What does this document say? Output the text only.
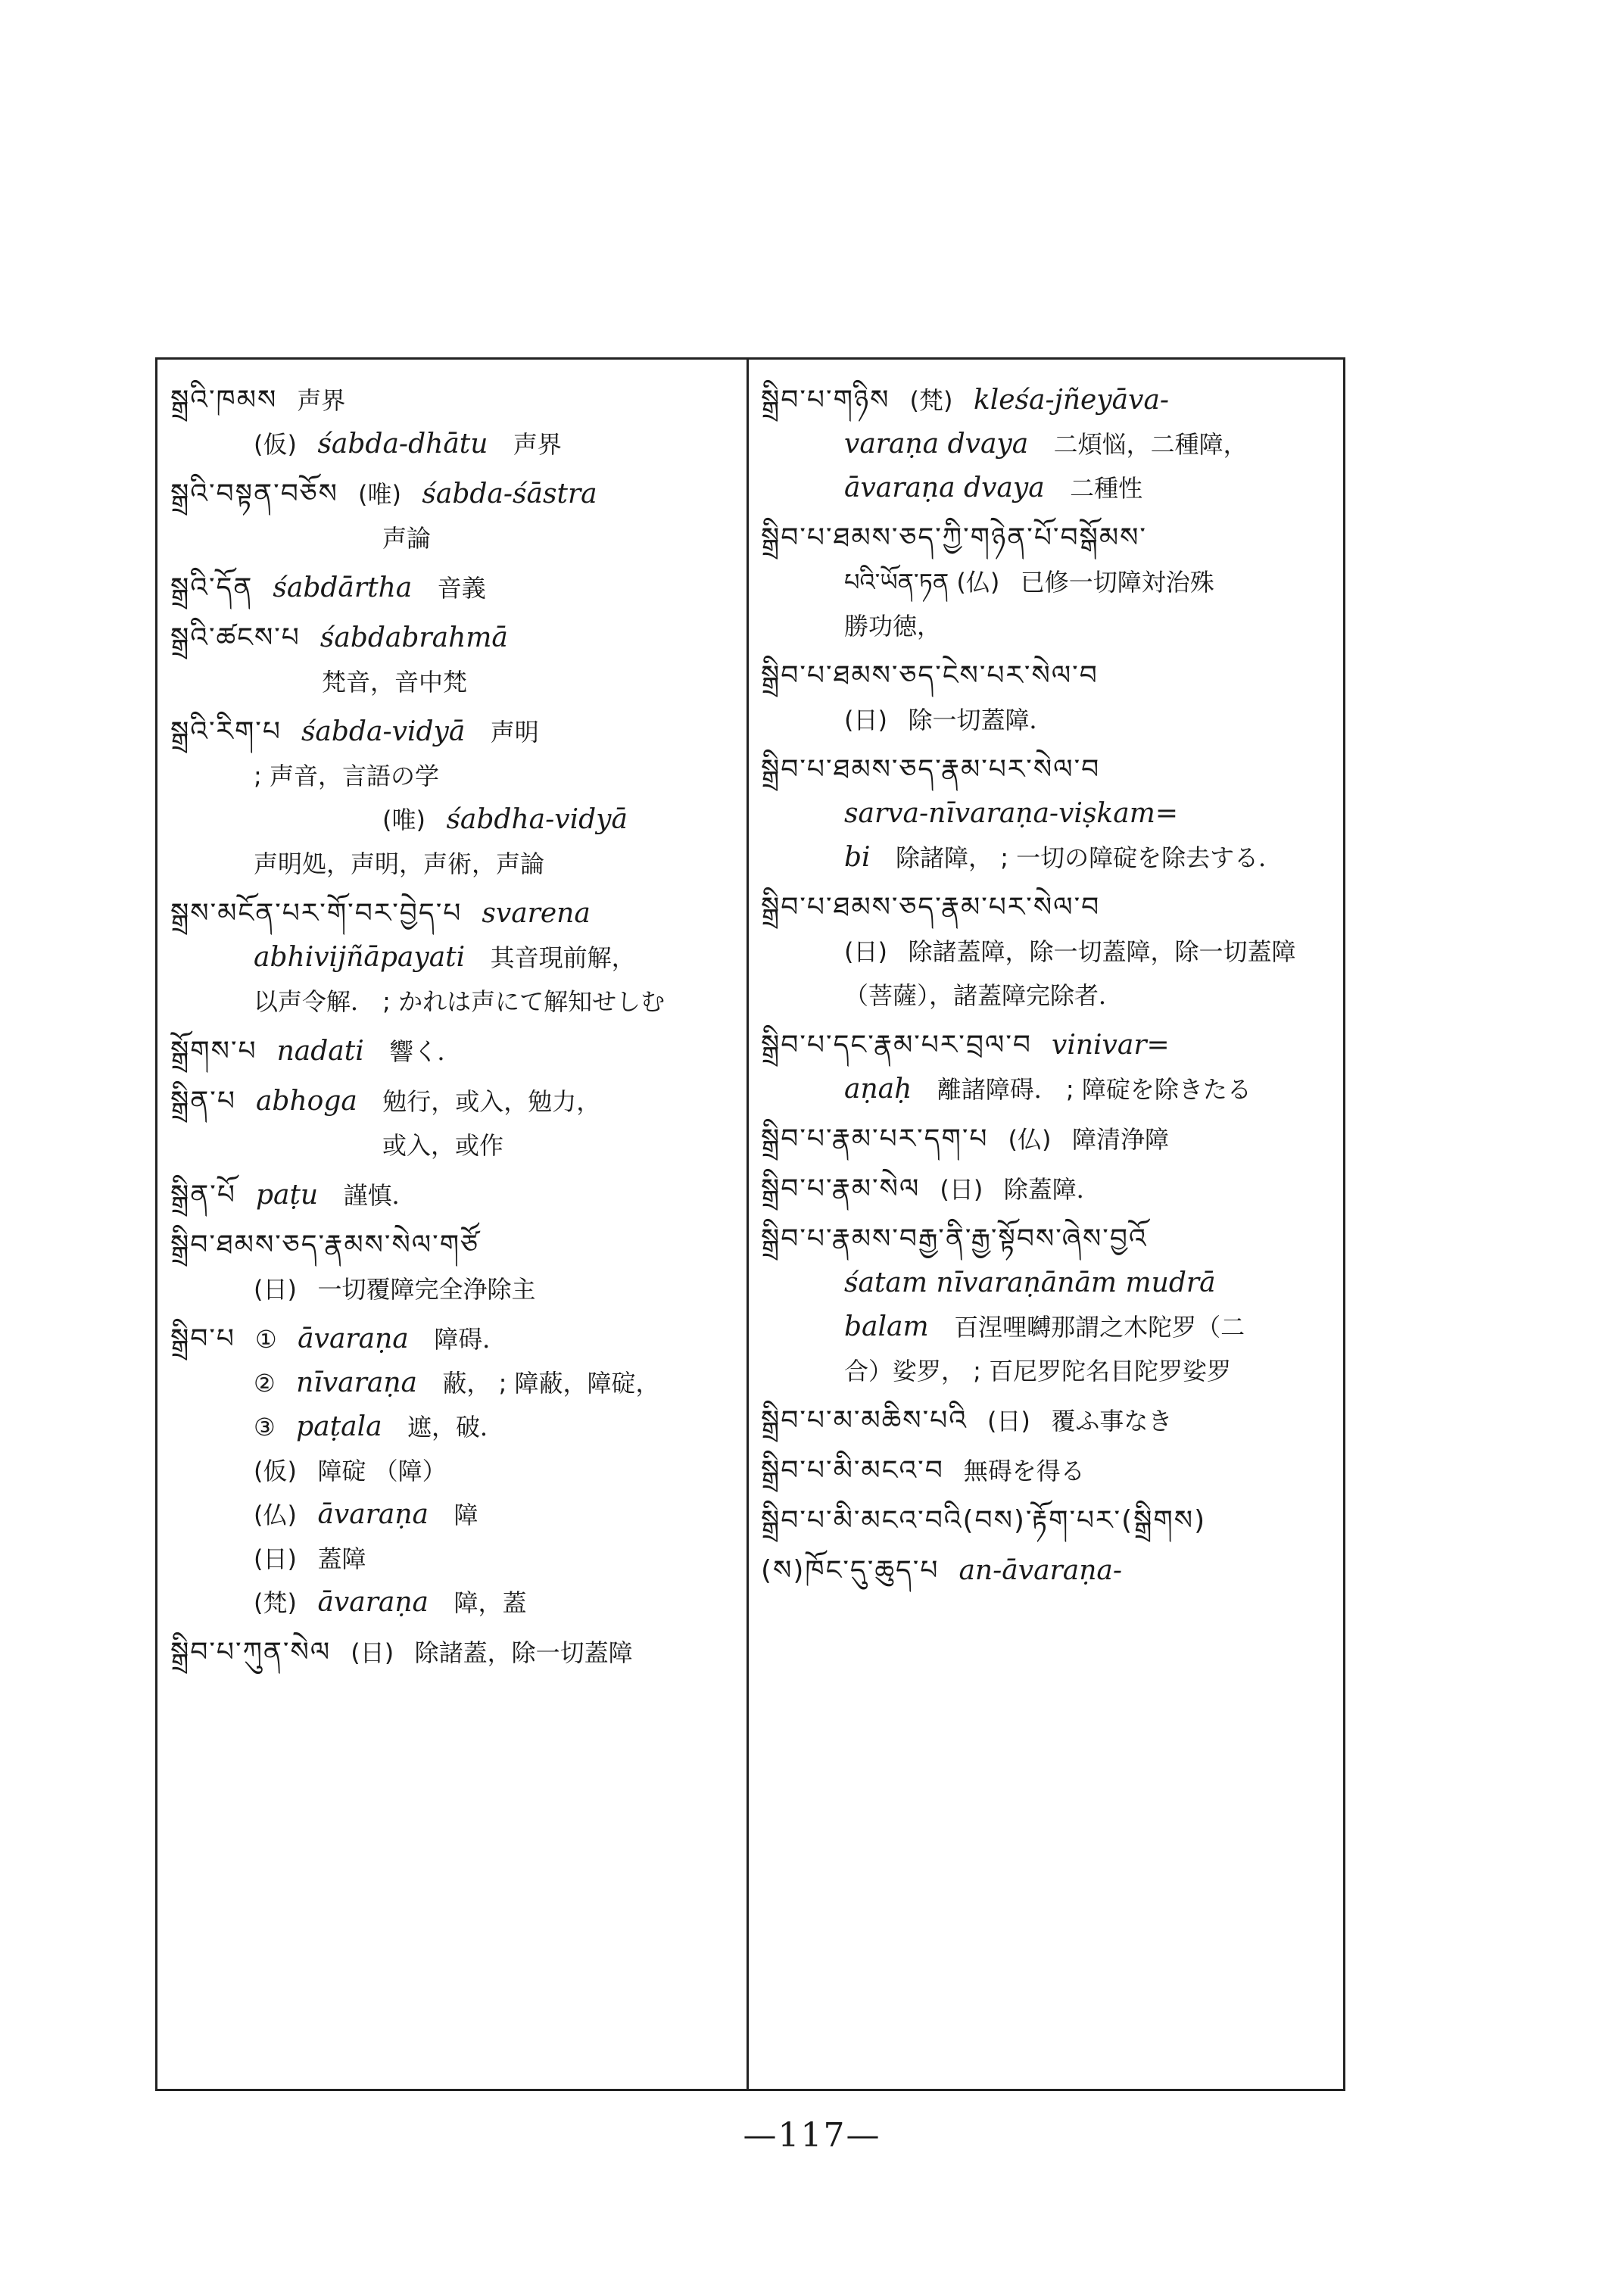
སྒྲའི་ཁམས 声界
(仮) śabda-dhātu 声界
སྒྲའི་བསྟན་བཅོས (唯) śabda-śāstra
声論
སྒྲའི་དོན śabdārtha 音義
སྒྲའི་ཚངས་པ śabdabrahmā
梵音，音中梵
སྒྲའི་རིག་པ śabda-vidyā 声明
; 声音，言語の学
(唯) śabdha-vidyā
声明処，声明，声術，声論
སྒྲས་མངོན་པར་གོ་བར་བྱེད་པ svarena
abhivijñāpayati 其音現前解，
以声令解． ; かれは声にて解知せしむ
སྒྲོགས་པ nadati 響く．
སྒྲིན་པ abhoga 勉行，或入，勉力，
或入，或作
སྒྲིན་པོ paṭu 謹慎．
སྒྲིབ་ཐམས་ཅད་རྣམས་སེལ་གཙོ
(日) 一切覆障完全浄除主
སྒྲིབ་པ ① āvaraṇa 障碍．
② nīvaraṇa 蔽， ; 障蔽，障碇，
③ paṭala 遮，破．
(仮) 障碇 （障）
(仏) āvaraṇa 障
(日) 蓋障
(梵) āvaraṇa 障，蓋
སྒྲིབ་པ་ཀུན་སེལ (日) 除諸蓋，除一切蓋障
སྒྲིབ་པ་གཉིས (梵) kleśa-jñeyāva-
varaṇa dvaya 二煩悩，二種障，
āvaraṇa dvaya 二種性
སྒྲིབ་པ་ཐམས་ཅད་ཀྱི་གཉེན་པོ་བསྒོམས་
པའི་ཡོན་ཏན (仏) 已修一切障対治殊
勝功徳，
སྒྲིབ་པ་ཐམས་ཅད་ངེས་པར་སེལ་བ
(日) 除一切蓋障．
སྒྲིབ་པ་ཐམས་ཅད་རྣམ་པར་སེལ་བ
sarva-nīvaraṇa-viṣkam=
bi 除諸障， ; 一切の障碇を除去する．
སྒྲིབ་པ་ཐམས་ཅད་རྣམ་པར་སེལ་བ
(日) 除諸蓋障，除一切蓋障，除一切蓋障
（菩薩），諸蓋障完除者．
སྒྲིབ་པ་དང་རྣམ་པར་བྲལ་བ vinivar=
aṇaḥ 離諸障碍． ; 障碇を除きたる
སྒྲིབ་པ་རྣམ་པར་དག་པ (仏) 障清浄障
སྒྲིབ་པ་རྣམ་སེལ (日) 除蓋障．
སྒྲིབ་པ་རྣམས་བརྒྱ་ནི་རྒྱ་སྟོབས་ཞེས་བྱའོ
śatam nīvaraṇānām mudrā
balam 百涅哩嚩那謂之木陀罗（二
合）娑罗， ; 百尼罗陀名目陀罗娑罗
སྒྲིབ་པ་མ་མཆིས་པའི (日) 覆ふ事なき
སྒྲིབ་པ་མི་མངའ་བ 無碍を得る
སྒྲིབ་པ་མི་མངའ་བའི(བས)་རྟོག་པར་(སྒྲིགས)
(ས)ཁོང་དུ་ཆུད་པ an-āvaraṇa-
—117—
